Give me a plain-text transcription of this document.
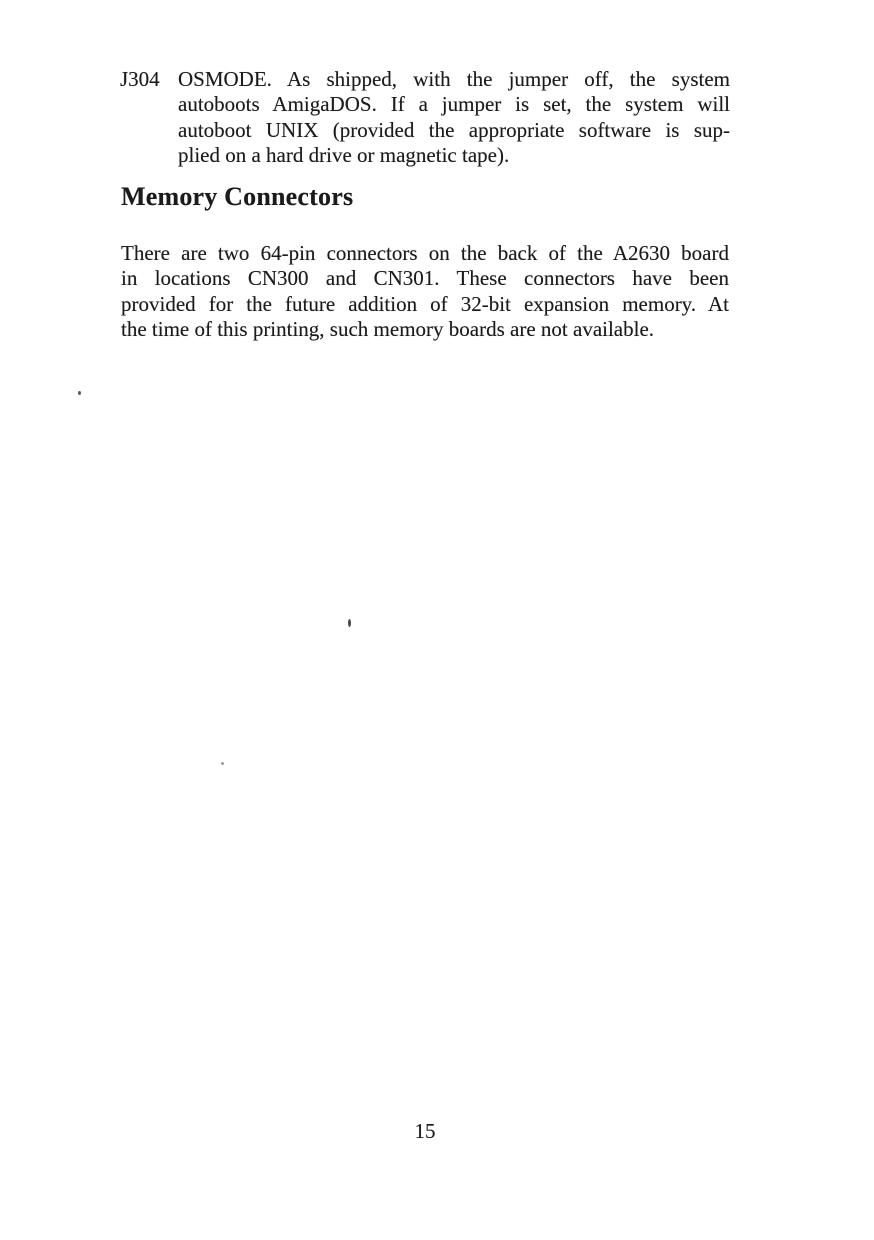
J304 OSMODE. As shipped, with the jumper off, the system
autoboots AmigaDOS. If a jumper is set, the system will
autoboot UNIX (provided the appropriate software is sup-
plied on a hard drive or magnetic tape).
Memory Connectors
There are two 64-pin connectors on the back of the A2630 board
in locations CN300 and CN301. These connectors have been
provided for the future addition of 32-bit expansion memory. At
the time of this printing, such memory boards are not available.
15
